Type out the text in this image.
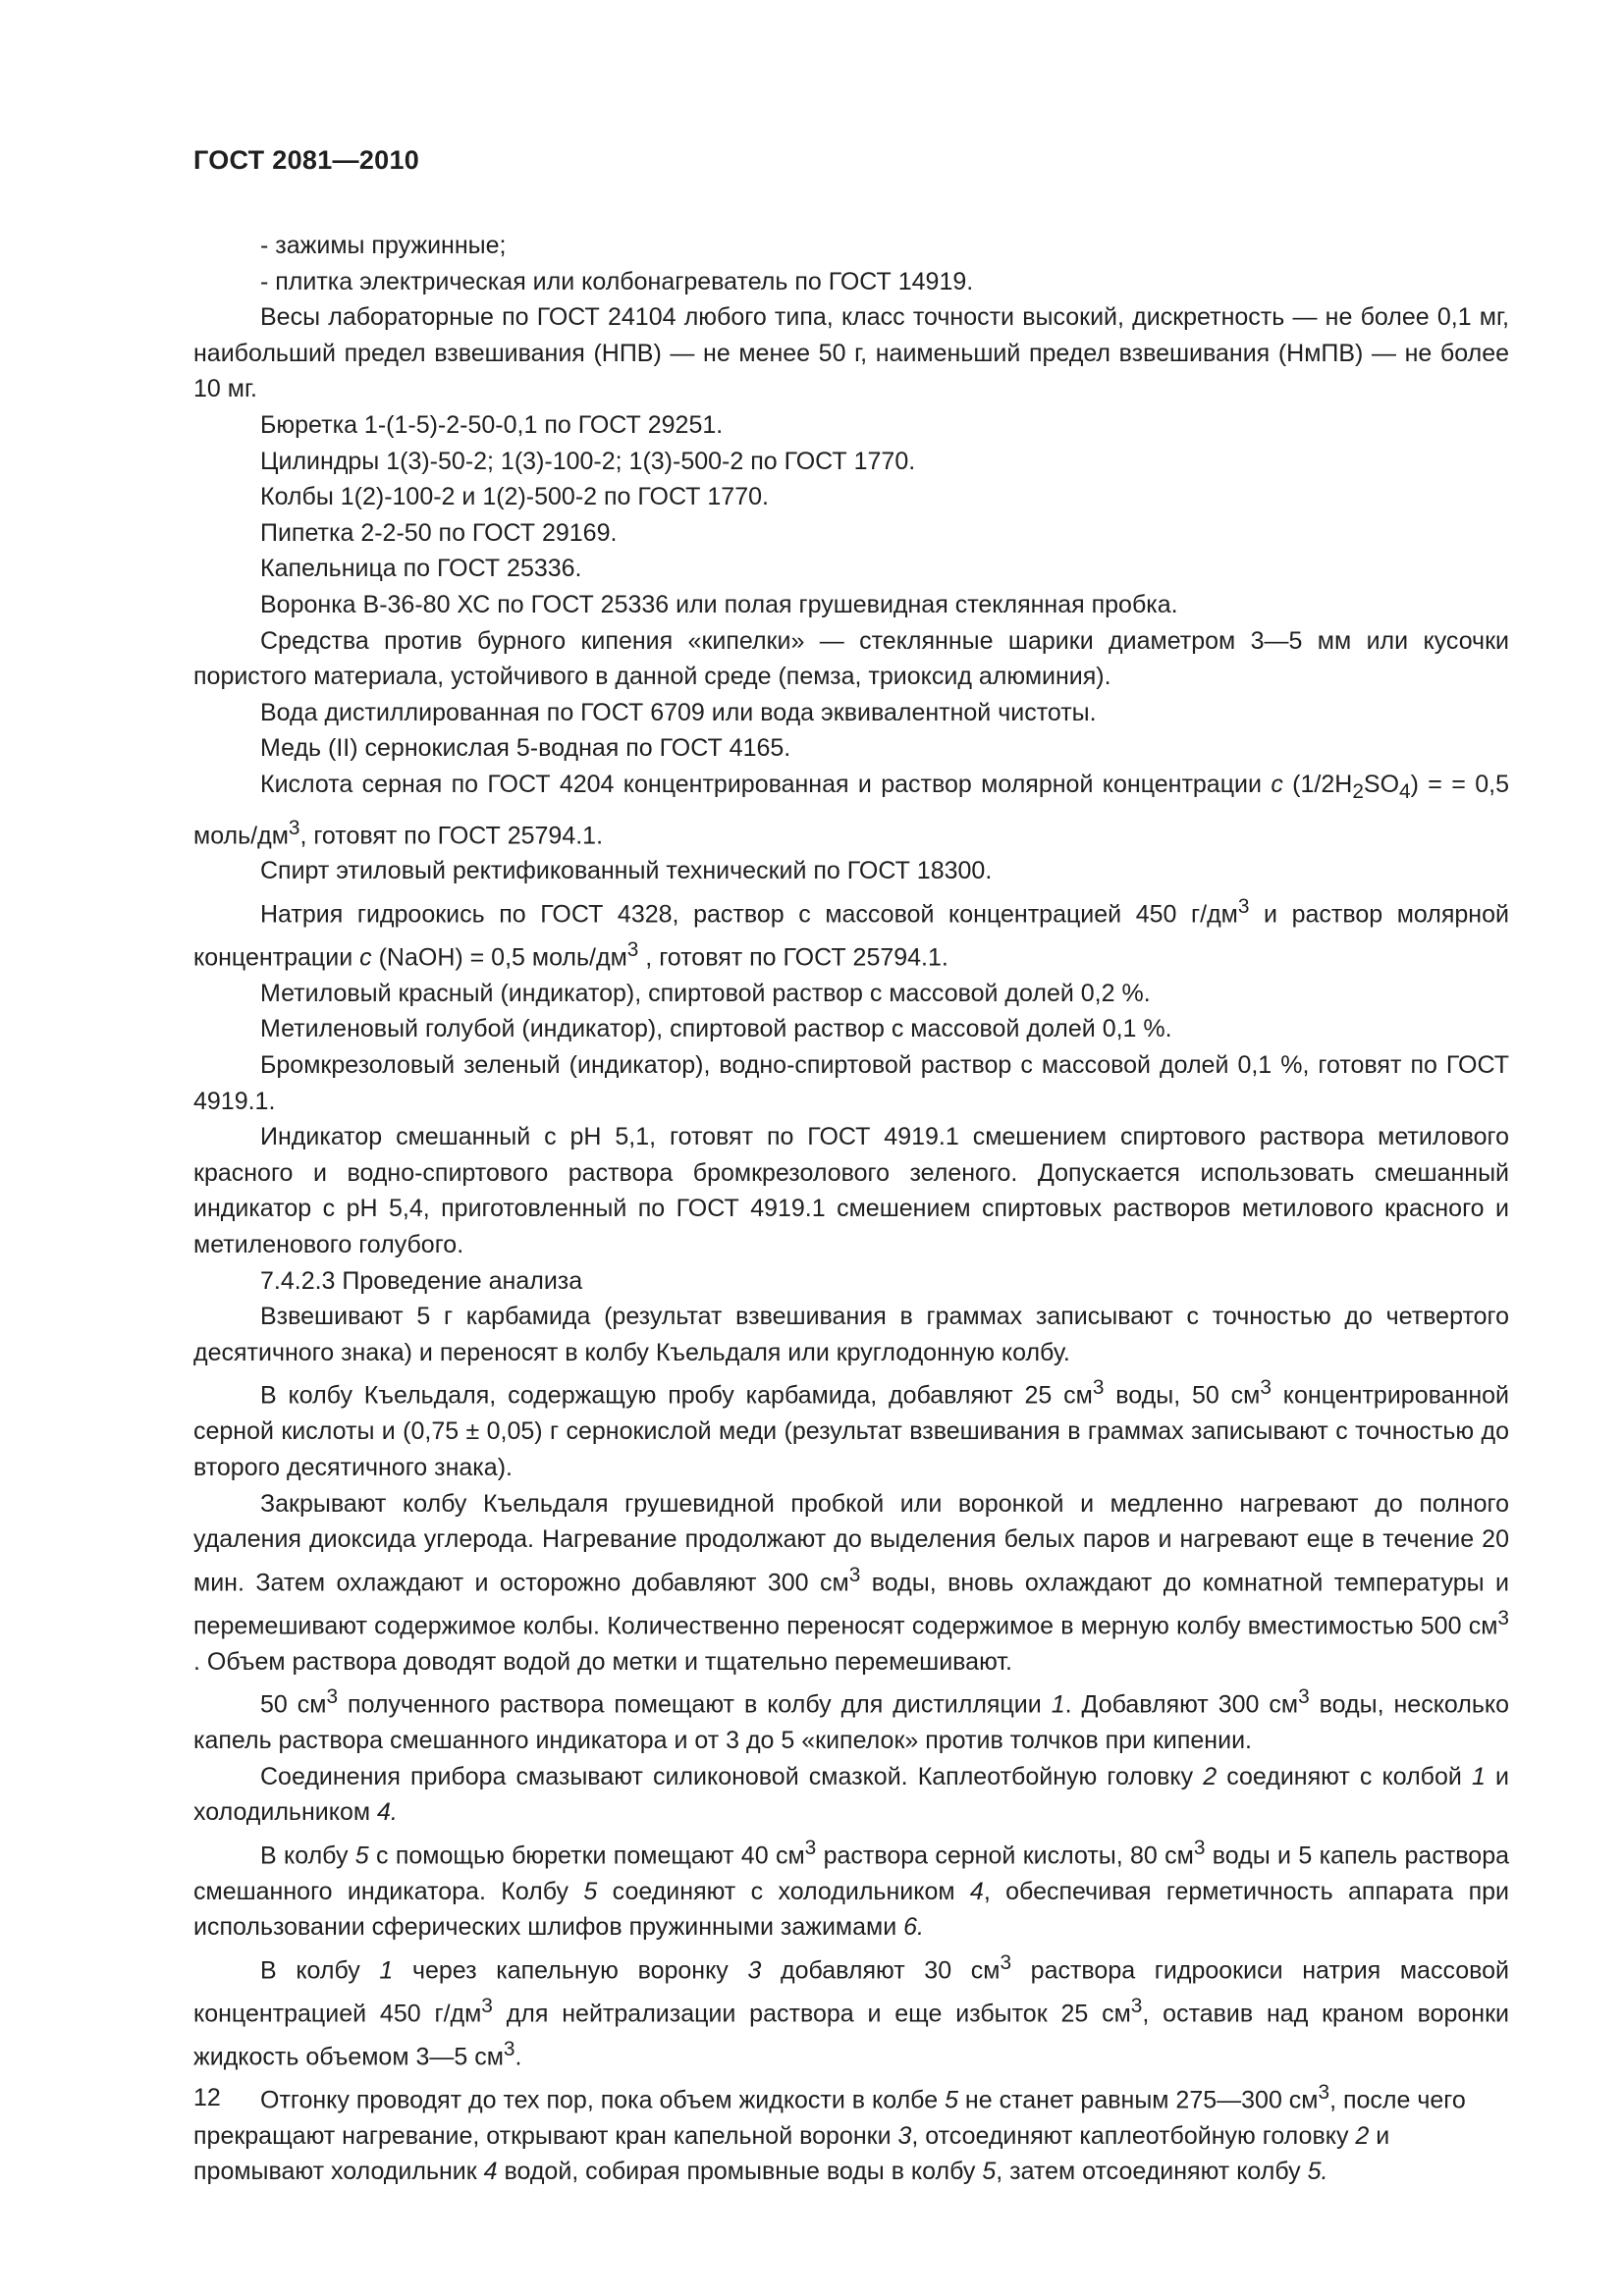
ГОСТ 2081—2010

- зажимы пружинные;

- плитка электрическая или колбонагреватель по ГОСТ 14919.

Весы лабораторные по ГОСТ 24104 любого типа, класс точности высокий, дискретность — не более 0,1 мг, наибольший предел взвешивания (НПВ) — не менее 50 г, наименьший предел взвешивания (НмПВ) — не более 10 мг.

Бюретка 1-(1-5)-2-50-0,1 по ГОСТ 29251.

Цилиндры 1(3)-50-2; 1(3)-100-2; 1(3)-500-2 по ГОСТ 1770.

Колбы 1(2)-100-2 и 1(2)-500-2 по ГОСТ 1770.

Пипетка 2-2-50 по ГОСТ 29169.

Капельница по ГОСТ 25336.

Воронка В-36-80 ХС по ГОСТ 25336 или полая грушевидная стеклянная пробка.

Средства против бурного кипения «кипелки» — стеклянные шарики диаметром 3—5 мм или кусочки пористого материала, устойчивого в данной среде (пемза, триоксид алюминия).

Вода дистиллированная по ГОСТ 6709 или вода эквивалентной чистоты.

Медь (II) сернокислая 5-водная по ГОСТ 4165.

Кислота серная по ГОСТ 4204 концентрированная и раствор молярной концентрации с $(1/2H_2SO_4)$ = = 0,5 моль/$дм^3$, готовят по ГОСТ 25794.1.

Спирт этиловый ректификованный технический по ГОСТ 18300.

Натрия гидроокись по ГОСТ 4328, раствор с массовой концентрацией 450 $г/дм^3$ и раствор молярной концентрации с (NaOH) = 0,5 моль/$дм^3$ , готовят по ГОСТ 25794.1.

Метиловый красный (индикатор), спиртовой раствор с массовой долей 0,2 %.

Метиленовый голубой (индикатор), спиртовой раствор с массовой долей 0,1 %.

Бромкрезоловый зеленый (индикатор), водно-спиртовой раствор с массовой долей 0,1 %, готовят по ГОСТ 4919.1.

Индикатор смешанный с рН 5,1, готовят по ГОСТ 4919.1 смешением спиртового раствора метилового красного и водно-спиртового раствора бромкрезолового зеленого. Допускается использовать смешанный индикатор с рН 5,4, приготовленный по ГОСТ 4919.1 смешением спиртовых растворов метилового красного и метиленового голубого.

7.4.2.3 Проведение анализа

Взвешивают 5 г карбамида (результат взвешивания в граммах записывают с точностью до четвертого десятичного знака) и переносят в колбу Къельдаля или круглодонную колбу.

В колбу Къельдаля, содержащую пробу карбамида, добавляют 25 $см^3$ воды, 50 $см^3$ концентрированной серной кислоты и (0,75 ± 0,05) г сернокислой меди (результат взвешивания в граммах записывают с точностью до второго десятичного знака).

Закрывают колбу Къельдаля грушевидной пробкой или воронкой и медленно нагревают до полного удаления диоксида углерода. Нагревание продолжают до выделения белых паров и нагревают еще в течение 20 мин. Затем охлаждают и осторожно добавляют 300 $см^3$ воды, вновь охлаждают до комнатной температуры и перемешивают содержимое колбы. Количественно переносят содержимое в мерную колбу вместимостью 500 $см^3$ . Объем раствора доводят водой до метки и тщательно перемешивают.

50 $см^3$ полученного раствора помещают в колбу для дистилляции 1. Добавляют 300 $см^3$ воды, несколько капель раствора смешанного индикатора и от 3 до 5 «кипелок» против толчков при кипении.

Соединения прибора смазывают силиконовой смазкой. Каплеотбойную головку 2 соединяют с колбой 1 и холодильником 4.

В колбу 5 с помощью бюретки помещают 40 $см^3$ раствора серной кислоты, 80 $см^3$ воды и 5 капель раствора смешанного индикатора. Колбу 5 соединяют с холодильником 4, обеспечивая герметичность аппарата при использовании сферических шлифов пружинными зажимами 6.

В колбу 1 через капельную воронку 3 добавляют 30 $см^3$ раствора гидроокиси натрия массовой концентрацией 450 $г/дм^3$ для нейтрализации раствора и еще избыток 25 $см^3$, оставив над краном воронки жидкость объемом 3—5 $см^3$.

Отгонку проводят до тех пор, пока объем жидкости в колбе 5 не станет равным 275—300 $см^3$, после чего прекращают нагревание, открывают кран капельной воронки 3, отсоединяют каплеотбойную головку 2 и промывают холодильник 4 водой, собирая промывные воды в колбу 5, затем отсоединяют колбу 5.

12
